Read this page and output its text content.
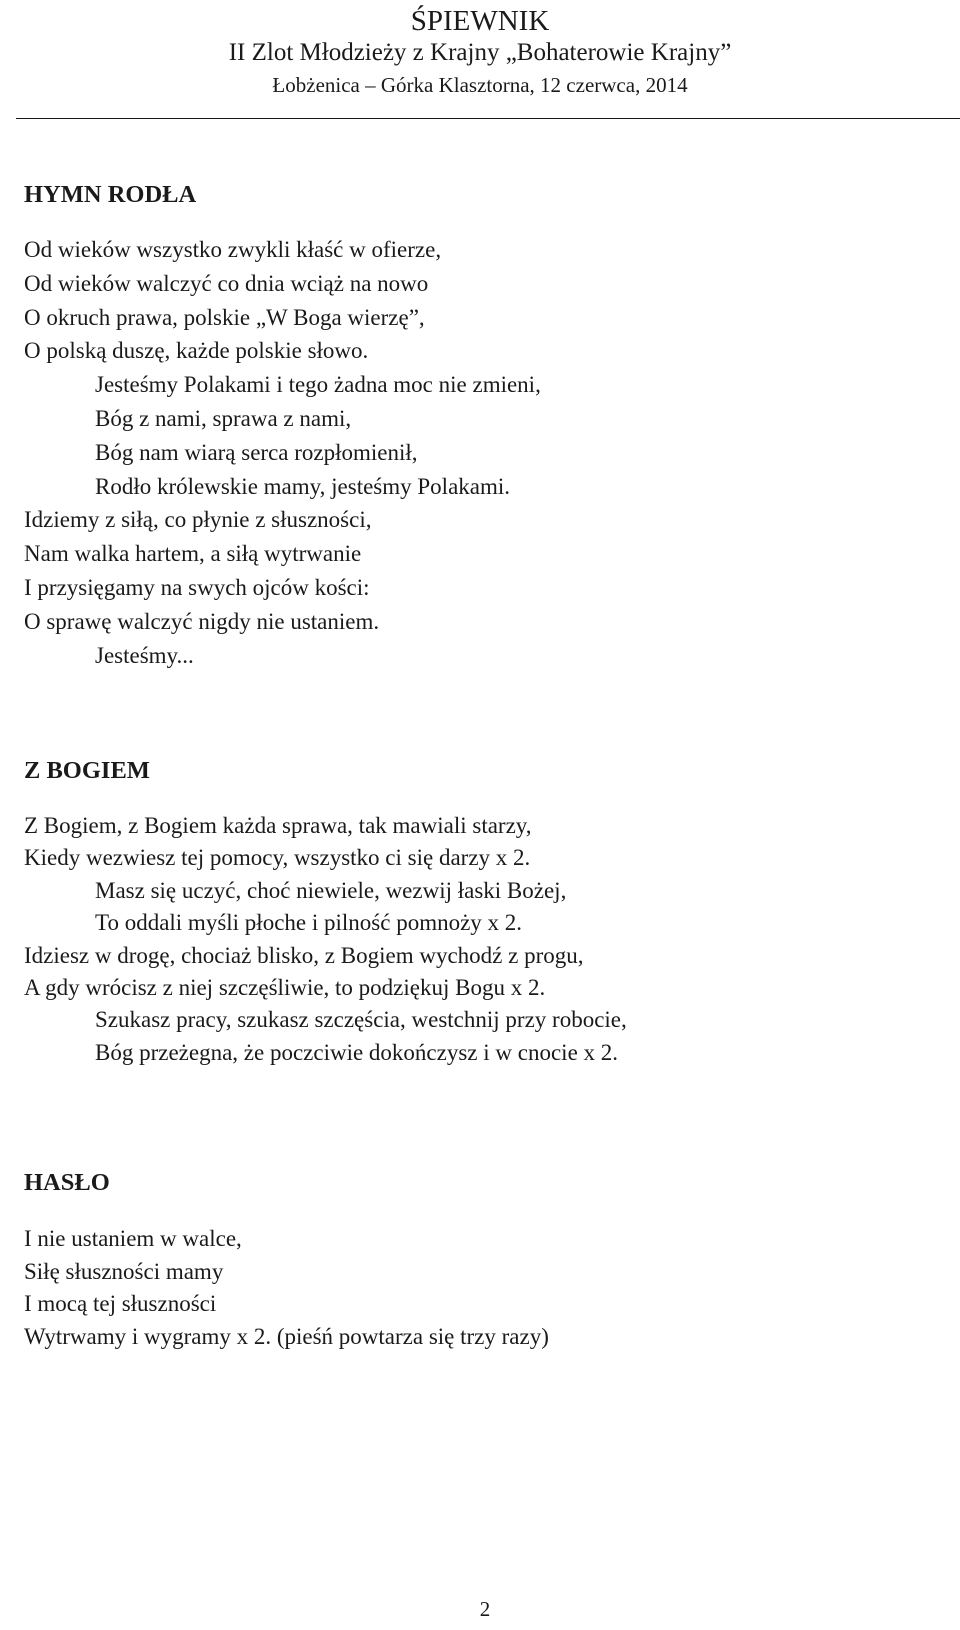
ŚPIEWNIK
II Zlot Młodzieży z Krajny „Bohaterowie Krajny”
Łobżenica – Górka Klasztorna, 12 czerwca, 2014
HYMN RODŁA
Od wieków wszystko zwykli kłaść w ofierze,
Od wieków walczyć co dnia wciąż na nowo
O okruch prawa, polskie „W Boga wierzę”,
O polską duszę, każde polskie słowo.
Jesteśmy Polakami i tego żadna moc nie zmieni,
Bóg z nami, sprawa z nami,
Bóg nam wiarą serca rozpłomienił,
Rodło królewskie mamy, jesteśmy Polakami.
Idziemy z siłą, co płynie z słuszności,
Nam walka hartem, a siłą wytrwanie
I przysięgamy na swych ojców kości:
O sprawę walczyć nigdy nie ustaniem.
Jesteśmy...
Z BOGIEM
Z Bogiem, z Bogiem każda sprawa, tak mawiali starzy,
Kiedy wezwiesz tej pomocy, wszystko ci się darzy x 2.
Masz się uczyć, choć niewiele, wezwij łaski Bożej,
To oddali myśli płoche i pilność pomnoży x 2.
Idziesz w drogę, chociaż blisko, z Bogiem wychodź z progu,
A gdy wrócisz z niej szczęśliwie, to podziękuj Bogu x 2.
Szukasz pracy, szukasz szczęścia, westchnij przy robocie,
Bóg przeżegna, że poczciwie dokończysz i w cnocie x 2.
HASŁO
I nie ustaniem w walce,
Siłę słuszności mamy
I mocą tej słuszności
Wytrwamy i wygramy x 2. (pieśń powtarza się trzy razy)
2
